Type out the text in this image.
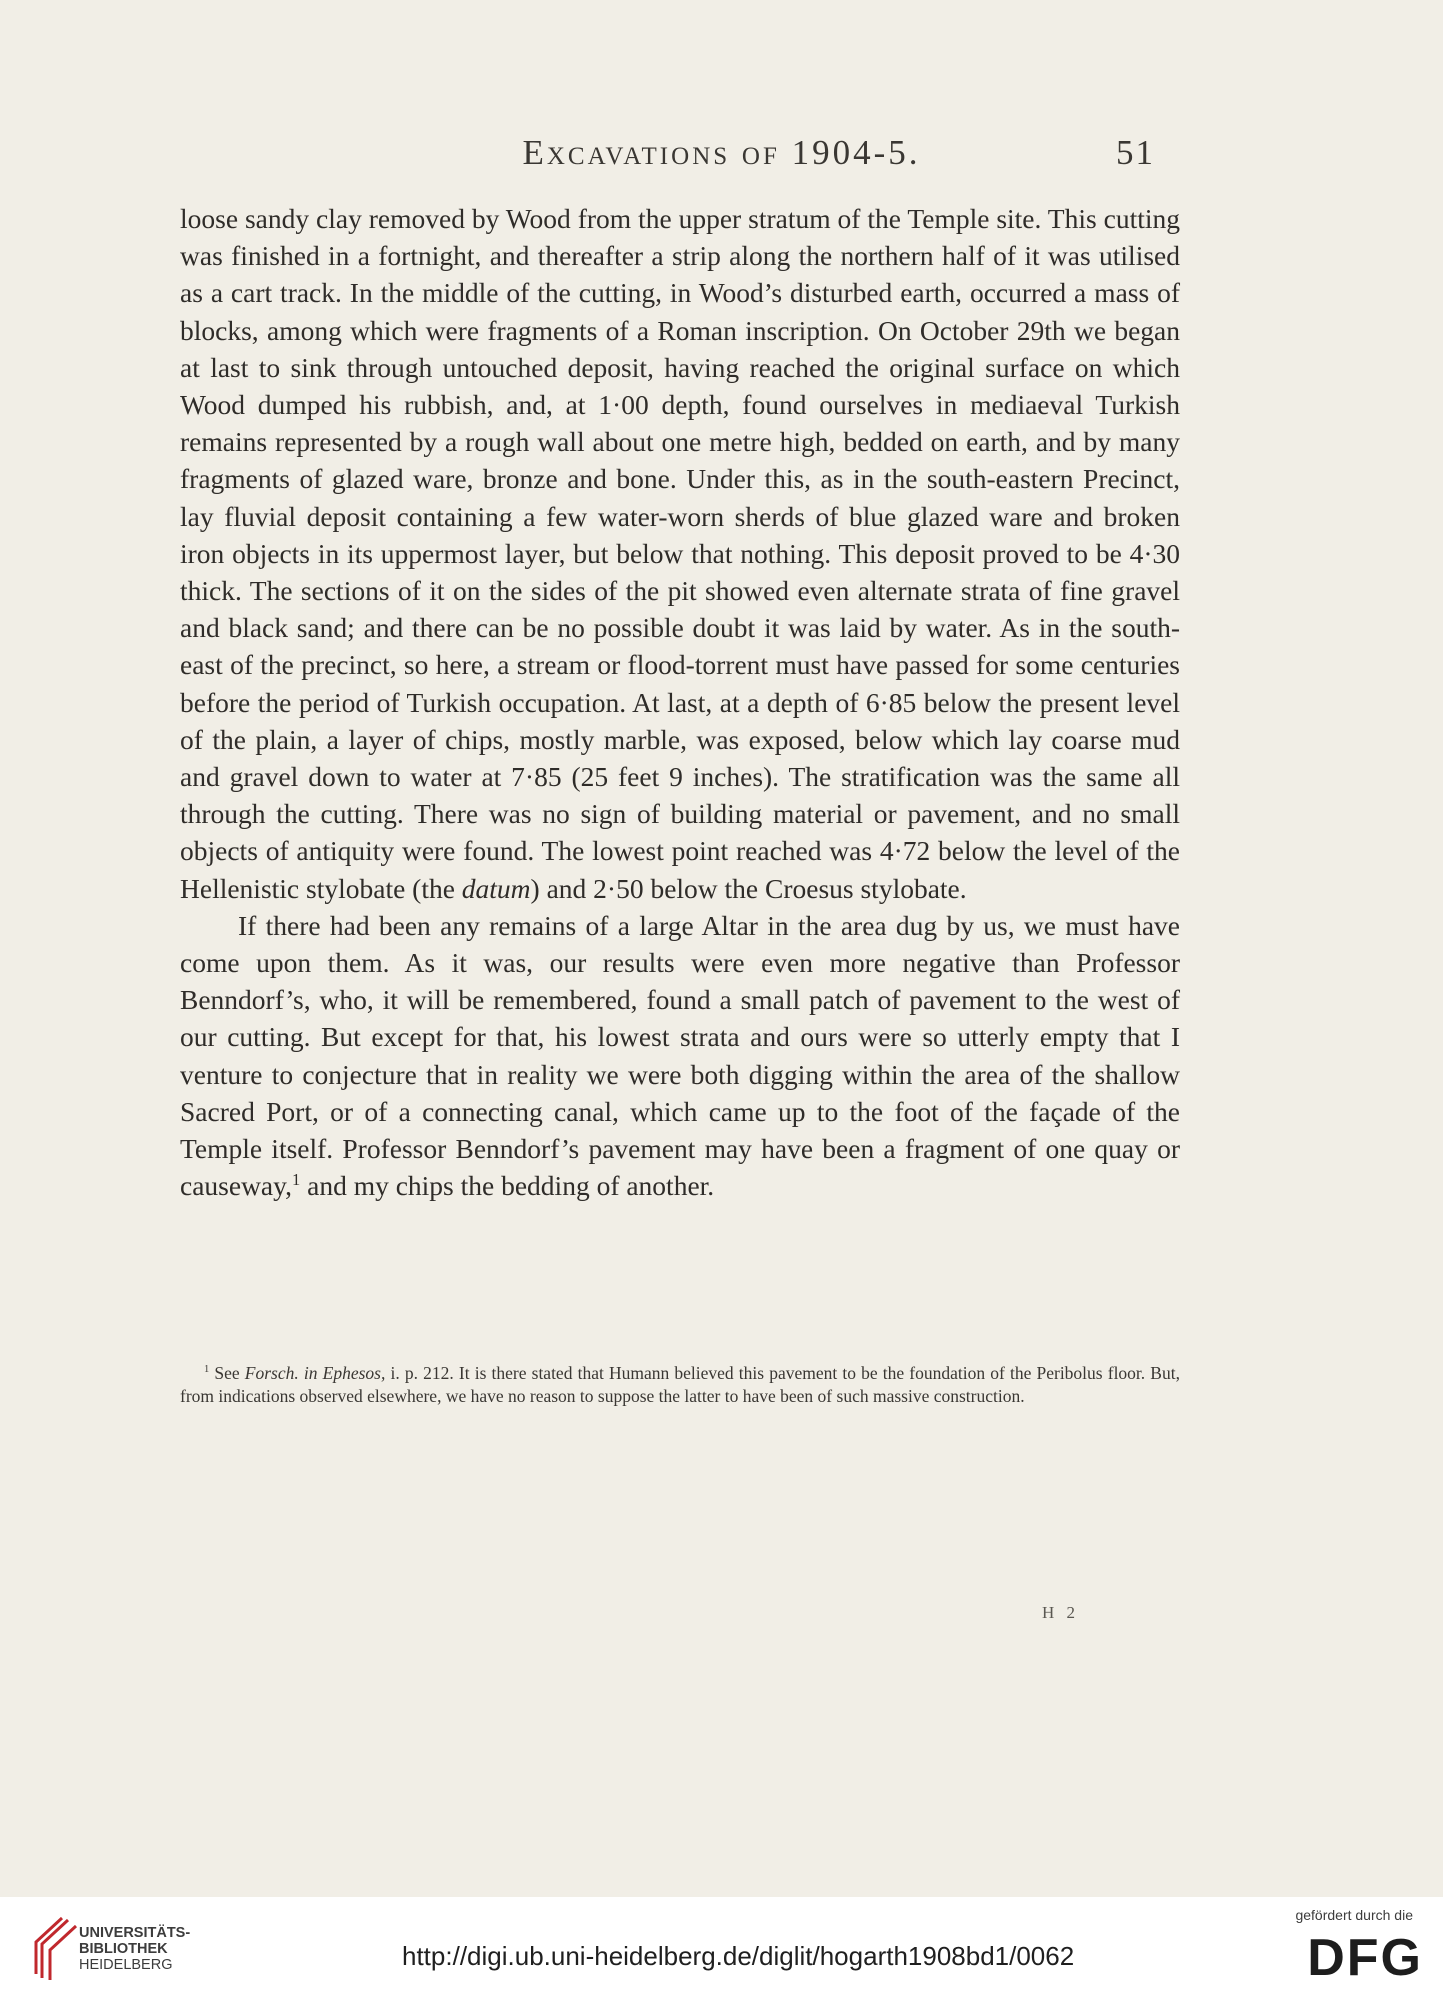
Excavations of 1904-5.	51

loose sandy clay removed by Wood from the upper stratum of the Temple site. This cutting was finished in a fortnight, and thereafter a strip along the northern half of it was utilised as a cart track. In the middle of the cutting, in Wood’s disturbed earth, occurred a mass of blocks, among which were fragments of a Roman inscription. On October 29th we began at last to sink through untouched deposit, having reached the original surface on which Wood dumped his rubbish, and, at 1·00 depth, found ourselves in mediaeval Turkish remains represented by a rough wall about one metre high, bedded on earth, and by many fragments of glazed ware, bronze and bone. Under this, as in the south-eastern Precinct, lay fluvial deposit containing a few water-worn sherds of blue glazed ware and broken iron objects in its uppermost layer, but below that nothing. This deposit proved to be 4·30 thick. The sections of it on the sides of the pit showed even alternate strata of fine gravel and black sand; and there can be no possible doubt it was laid by water. As in the south-east of the precinct, so here, a stream or flood-torrent must have passed for some centuries before the period of Turkish occupation. At last, at a depth of 6·85 below the present level of the plain, a layer of chips, mostly marble, was exposed, below which lay coarse mud and gravel down to water at 7·85 (25 feet 9 inches). The stratification was the same all through the cutting. There was no sign of building material or pavement, and no small objects of antiquity were found. The lowest point reached was 4·72 below the level of the Hellenistic stylobate (the datum) and 2·50 below the Croesus stylobate.

If there had been any remains of a large Altar in the area dug by us, we must have come upon them. As it was, our results were even more negative than Professor Benndorf’s, who, it will be remembered, found a small patch of pavement to the west of our cutting. But except for that, his lowest strata and ours were so utterly empty that I venture to conjecture that in reality we were both digging within the area of the shallow Sacred Port, or of a connecting canal, which came up to the foot of the façade of the Temple itself. Professor Benndorf’s pavement may have been a fragment of one quay or causeway,$^1$ and my chips the bedding of another.

$^1$ See Forsch. in Ephesos, i. p. 212. It is there stated that Humann believed this pavement to be the foundation of the Peribolus floor. But, from indications observed elsewhere, we have no reason to suppose the latter to have been of such massive construction.

H 2
UNIVERSITÄTS-
BIBLIOTHEK
HEIDELBERG	http://digi.ub.uni-heidelberg.de/diglit/hogarth1908bd1/0062
gefördert durch die
DFG
